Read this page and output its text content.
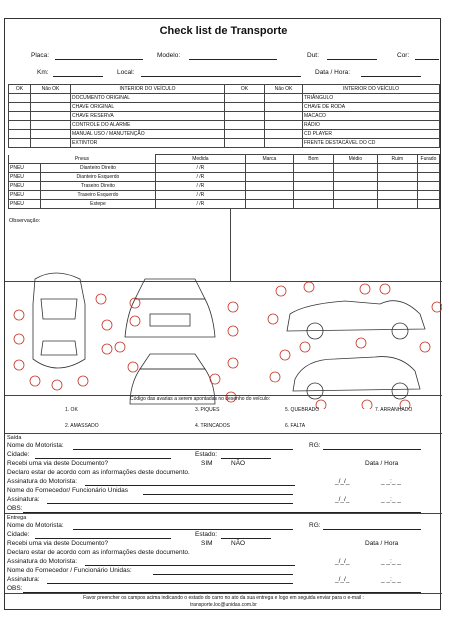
Check list de Transporte
Placa:	Modelo:	Dut:	Cor:
Km:	Local:	Data / Hora:
OK	Não OK	INTERIOR DO VEÍCULO	OK	Não OK	INTERIOR DO VEÍCULO
		DOCUMENTO ORIGINAL			TRIÂNGULO
		CHAVE ORIGINAL			CHAVE DE RODA
		CHAVE RESERVA			MACACO
		CONTROLE DO ALARME			RÁDIO
		MANUAL USO / MANUTENÇÃO			CD PLAYER
		EXTINTOR			FRENTE DESTACÁVEL DO CD
Pneus		Medida	Marca	Bom	Médio	Ruim	Furado
PNEU	Dianteiro Direito	/ /R					
PNEU	Dianteiro Esquerdo	/ /R					
PNEU	Traseiro Direito	/ /R					
PNEU	Traseiro Esquerdo	/ /R					
PNEU	Estepe	/ /R					
Observação:
Código das avarias a serem apontadas no desenho do veículo:
1. OK	3. PIQUES	5. QUEBRADO	7. ARRANHADO
2. AMASSADO	4. TRINCADOS	6. FALTA
Saída
Nome do Motorista:	RG:
Cidade:	Estado:
Recebi uma via deste Documento?	SIM	NÃO	Data / Hora
Declaro estar de acordo com as informações deste documento.
Assinatura do Motorista:	_/_/_	_ _:_ _
Nome do Fornecedor/ Funcionário Unidas
Assinatura:	_/_/_	_ _:_ _
OBS:
Entrega
Nome do Motorista:	RG:
Cidade:	Estado:
Recebi uma via deste Documento?	SIM	NÃO	Data / Hora
Declaro estar de acordo com as informações deste documento.
Assinatura do Motorista:	_/_/_	_ _:_ _
Nome do Fornecedor / Funcionário Unidas:
Assinatura:	_/_/_	_ _:_ _
OBS:
Favor preencher os campos acima indicando o estado do carro no ato da sua entrega e logo em seguida enviar para o e-mail :
transporte.loc@unidas.com.br
